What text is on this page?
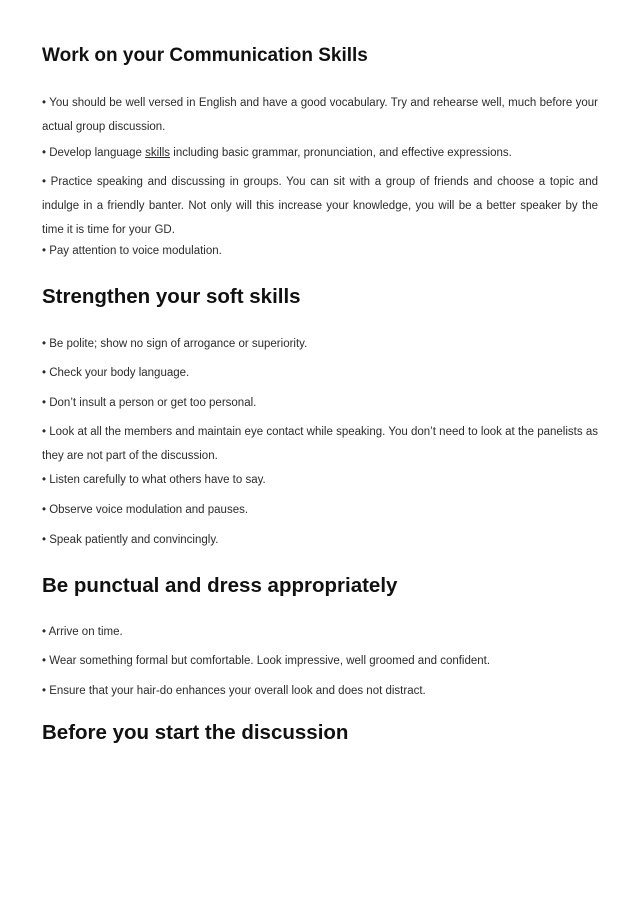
Work on your Communication Skills

• You should be well versed in English and have a good vocabulary. Try and rehearse well, much before your actual group discussion.

• Develop language skills including basic grammar, pronunciation, and effective expressions.

• Practice speaking and discussing in groups. You can sit with a group of friends and choose a topic and indulge in a friendly banter. Not only will this increase your knowledge, you will be a better speaker by the time it is time for your GD.

• Pay attention to voice modulation.

Strengthen your soft skills

• Be polite; show no sign of arrogance or superiority.

• Check your body language.

• Don’t insult a person or get too personal.

• Look at all the members and maintain eye contact while speaking. You don’t need to look at the panelists as they are not part of the discussion.

• Listen carefully to what others have to say.

• Observe voice modulation and pauses.

• Speak patiently and convincingly.

Be punctual and dress appropriately

• Arrive on time.

• Wear something formal but comfortable. Look impressive, well groomed and confident.

• Ensure that your hair-do enhances your overall look and does not distract.

Before you start the discussion
